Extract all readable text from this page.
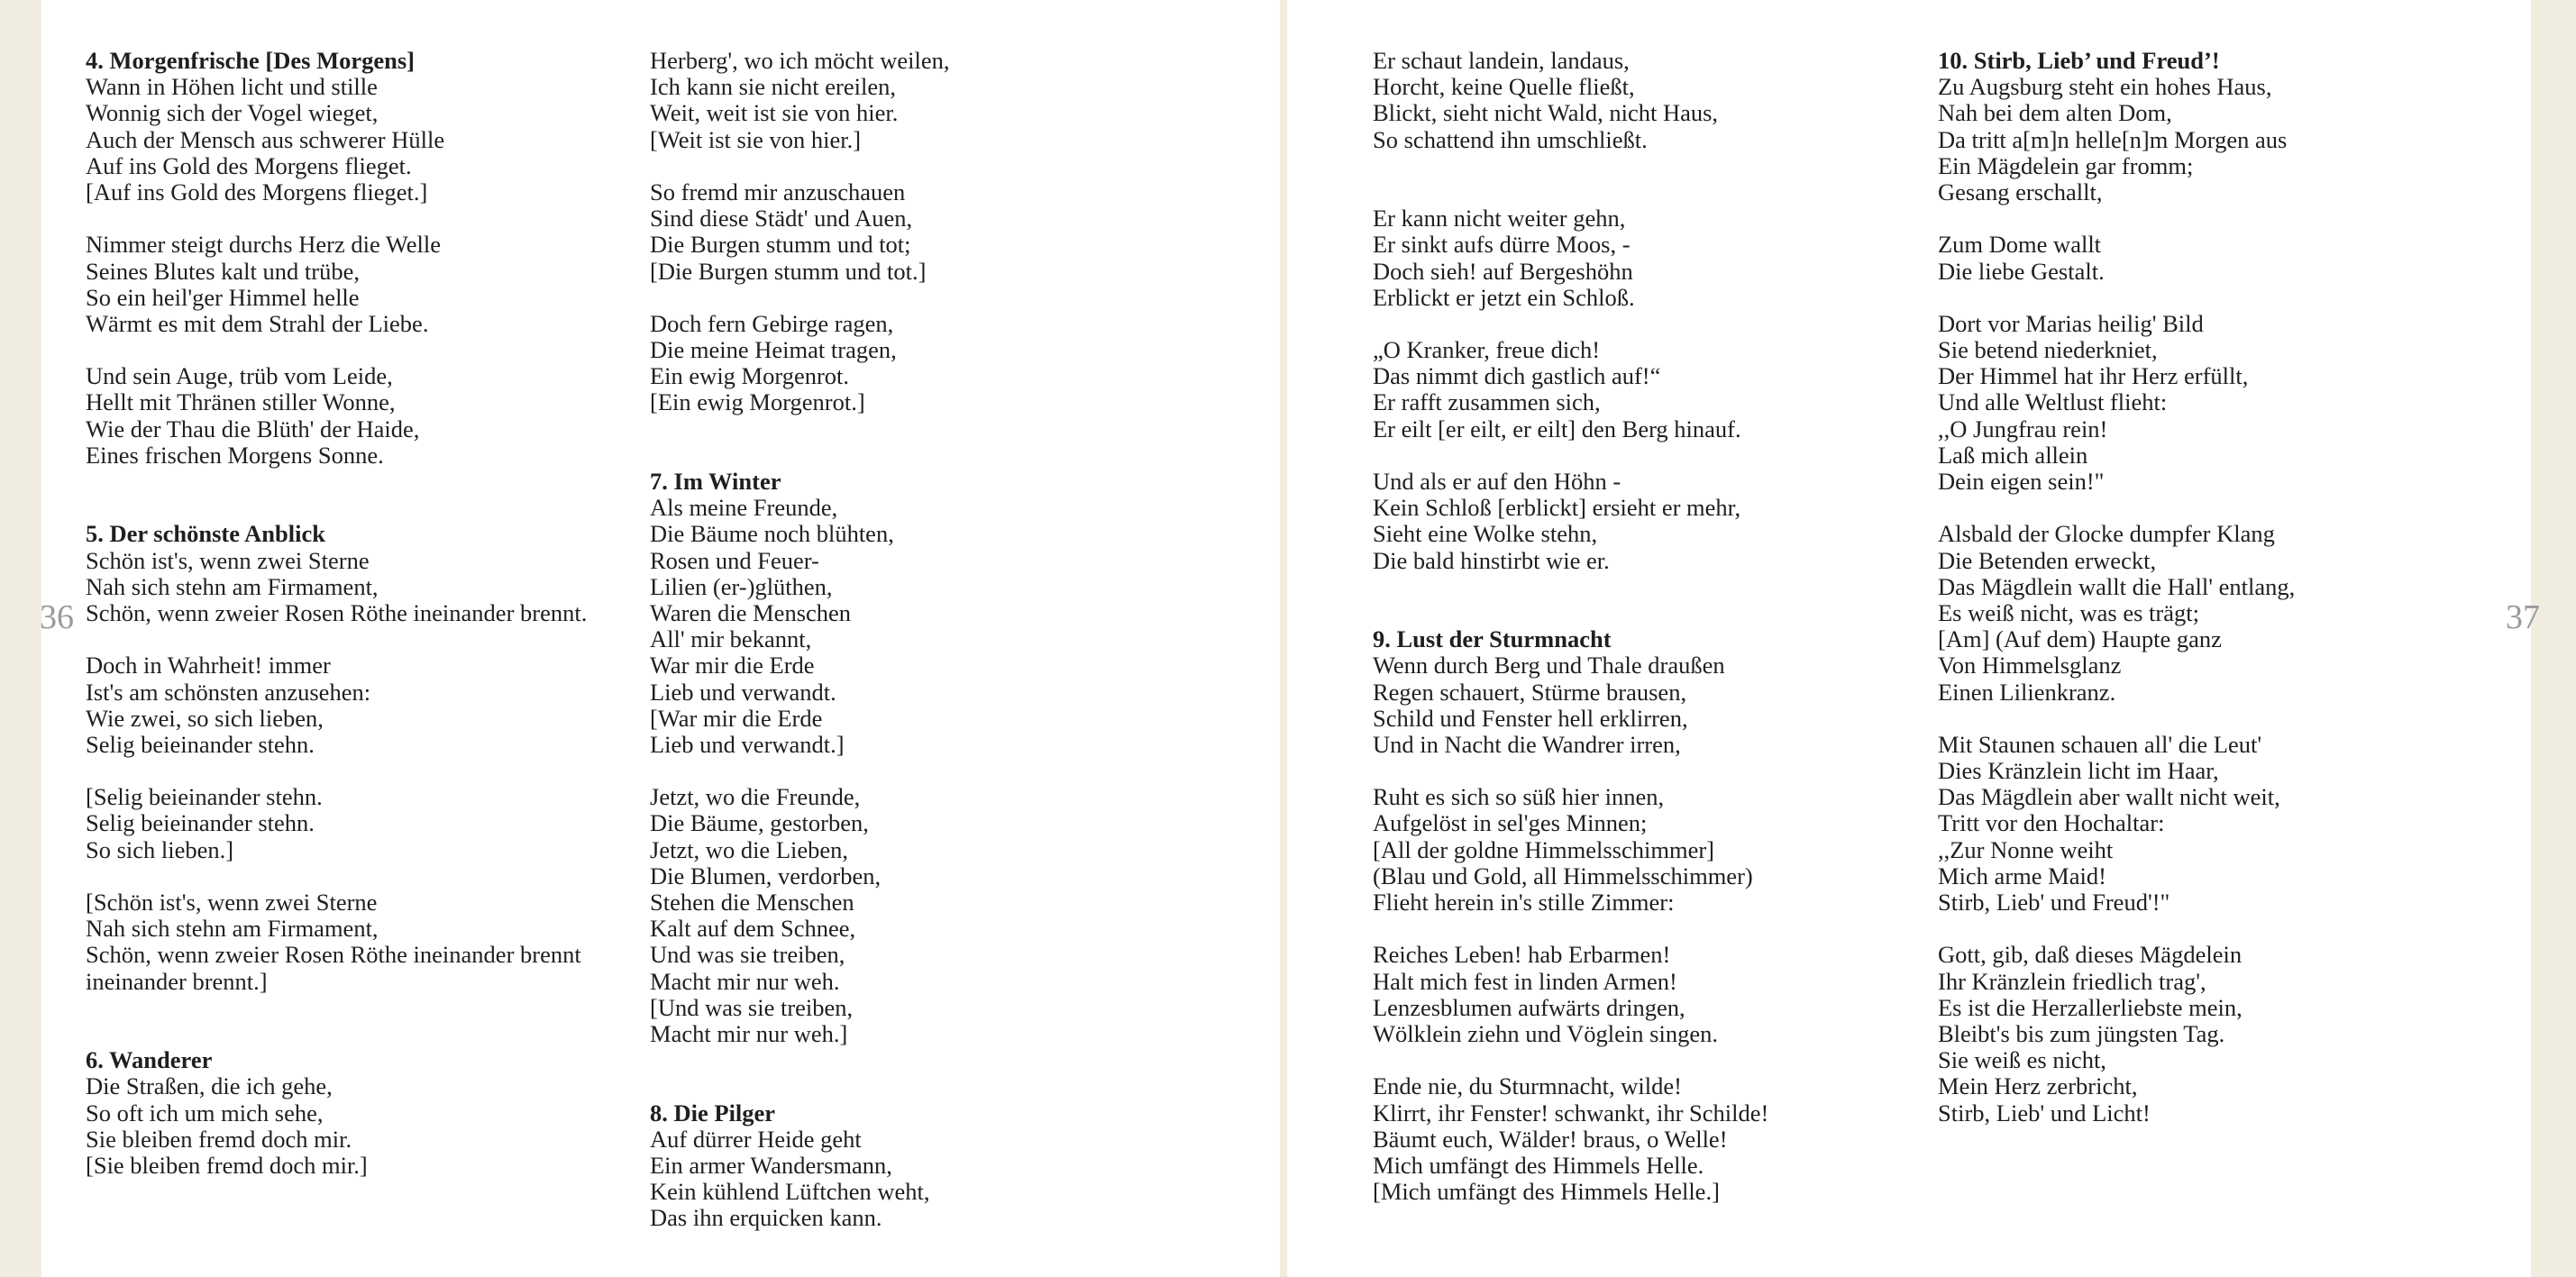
36	37
4. Morgenfrische [Des Morgens]
Wann in Höhen licht und stille
Wonnig sich der Vogel wieget,
Auch der Mensch aus schwerer Hülle
Auf ins Gold des Morgens flieget.
[Auf ins Gold des Morgens flieget.]
Nimmer steigt durchs Herz die Welle
Seines Blutes kalt und trübe,
So ein heil'ger Himmel helle
Wärmt es mit dem Strahl der Liebe.
Und sein Auge, trüb vom Leide,
Hellt mit Thränen stiller Wonne,
Wie der Thau die Blüth' der Haide,
Eines frischen Morgens Sonne.
5. Der schönste Anblick
Schön ist's, wenn zwei Sterne
Nah sich stehn am Firmament,
Schön, wenn zweier Rosen Röthe ineinander brennt.
Doch in Wahrheit! immer
Ist's am schönsten anzusehen:
Wie zwei, so sich lieben,
Selig beieinander stehn.
[Selig beieinander stehn.
Selig beieinander stehn.
So sich lieben.]
[Schön ist's, wenn zwei Sterne
Nah sich stehn am Firmament,
Schön, wenn zweier Rosen Röthe ineinander brennt
ineinander brennt.]
6. Wanderer
Die Straßen, die ich gehe,
So oft ich um mich sehe,
Sie bleiben fremd doch mir.
[Sie bleiben fremd doch mir.]
Herberg', wo ich möcht weilen,
Ich kann sie nicht ereilen,
Weit, weit ist sie von hier.
[Weit ist sie von hier.]
So fremd mir anzuschauen
Sind diese Städt' und Auen,
Die Burgen stumm und tot;
[Die Burgen stumm und tot.]
Doch fern Gebirge ragen,
Die meine Heimat tragen,
Ein ewig Morgenrot.
[Ein ewig Morgenrot.]
7. Im Winter
Als meine Freunde,
Die Bäume noch blühten,
Rosen und Feuer-
Lilien (er-)glüthen,
Waren die Menschen
All' mir bekannt,
War mir die Erde
Lieb und verwandt.
[War mir die Erde
Lieb und verwandt.]
Jetzt, wo die Freunde,
Die Bäume, gestorben,
Jetzt, wo die Lieben,
Die Blumen, verdorben,
Stehen die Menschen
Kalt auf dem Schnee,
Und was sie treiben,
Macht mir nur weh.
[Und was sie treiben,
Macht mir nur weh.]
8. Die Pilger
Auf dürrer Heide geht
Ein armer Wandersmann,
Kein kühlend Lüftchen weht,
Das ihn erquicken kann.
Er schaut landein, landaus,
Horcht, keine Quelle fließt,
Blickt, sieht nicht Wald, nicht Haus,
So schattend ihn umschließt.
Er kann nicht weiter gehn,
Er sinkt aufs dürre Moos, -
Doch sieh! auf Bergeshöhn
Erblickt er jetzt ein Schloß.
„O Kranker, freue dich!
Das nimmt dich gastlich auf!“
Er rafft zusammen sich,
Er eilt [er eilt, er eilt] den Berg hinauf.
Und als er auf den Höhn -
Kein Schloß [erblickt] ersieht er mehr,
Sieht eine Wolke stehn,
Die bald hinstirbt wie er.
9. Lust der Sturmnacht
Wenn durch Berg und Thale draußen
Regen schauert, Stürme brausen,
Schild und Fenster hell erklirren,
Und in Nacht die Wandrer irren,
Ruht es sich so süß hier innen,
Aufgelöst in sel'ges Minnen;
[All der goldne Himmelsschimmer]
(Blau und Gold, all Himmelsschimmer)
Flieht herein in's stille Zimmer:
Reiches Leben! hab Erbarmen!
Halt mich fest in linden Armen!
Lenzesblumen aufwärts dringen,
Wölklein ziehn und Vöglein singen.
Ende nie, du Sturmnacht, wilde!
Klirrt, ihr Fenster! schwankt, ihr Schilde!
Bäumt euch, Wälder! braus, o Welle!
Mich umfängt des Himmels Helle.
[Mich umfängt des Himmels Helle.]
10. Stirb, Lieb’ und Freud’!
Zu Augsburg steht ein hohes Haus,
Nah bei dem alten Dom,
Da tritt a[m]n helle[n]m Morgen aus
Ein Mägdelein gar fromm;
Gesang erschallt,
Zum Dome wallt
Die liebe Gestalt.
Dort vor Marias heilig' Bild
Sie betend niederkniet,
Der Himmel hat ihr Herz erfüllt,
Und alle Weltlust flieht:
,,O Jungfrau rein!
Laß mich allein
Dein eigen sein!"
Alsbald der Glocke dumpfer Klang
Die Betenden erweckt,
Das Mägdlein wallt die Hall' entlang,
Es weiß nicht, was es trägt;
[Am] (Auf dem) Haupte ganz
Von Himmelsglanz
Einen Lilienkranz.
Mit Staunen schauen all' die Leut'
Dies Kränzlein licht im Haar,
Das Mägdlein aber wallt nicht weit,
Tritt vor den Hochaltar:
,,Zur Nonne weiht
Mich arme Maid!
Stirb, Lieb' und Freud'!"
Gott, gib, daß dieses Mägdelein
Ihr Kränzlein friedlich trag',
Es ist die Herzallerliebste mein,
Bleibt's bis zum jüngsten Tag.
Sie weiß es nicht,
Mein Herz zerbricht,
Stirb, Lieb' und Licht!
